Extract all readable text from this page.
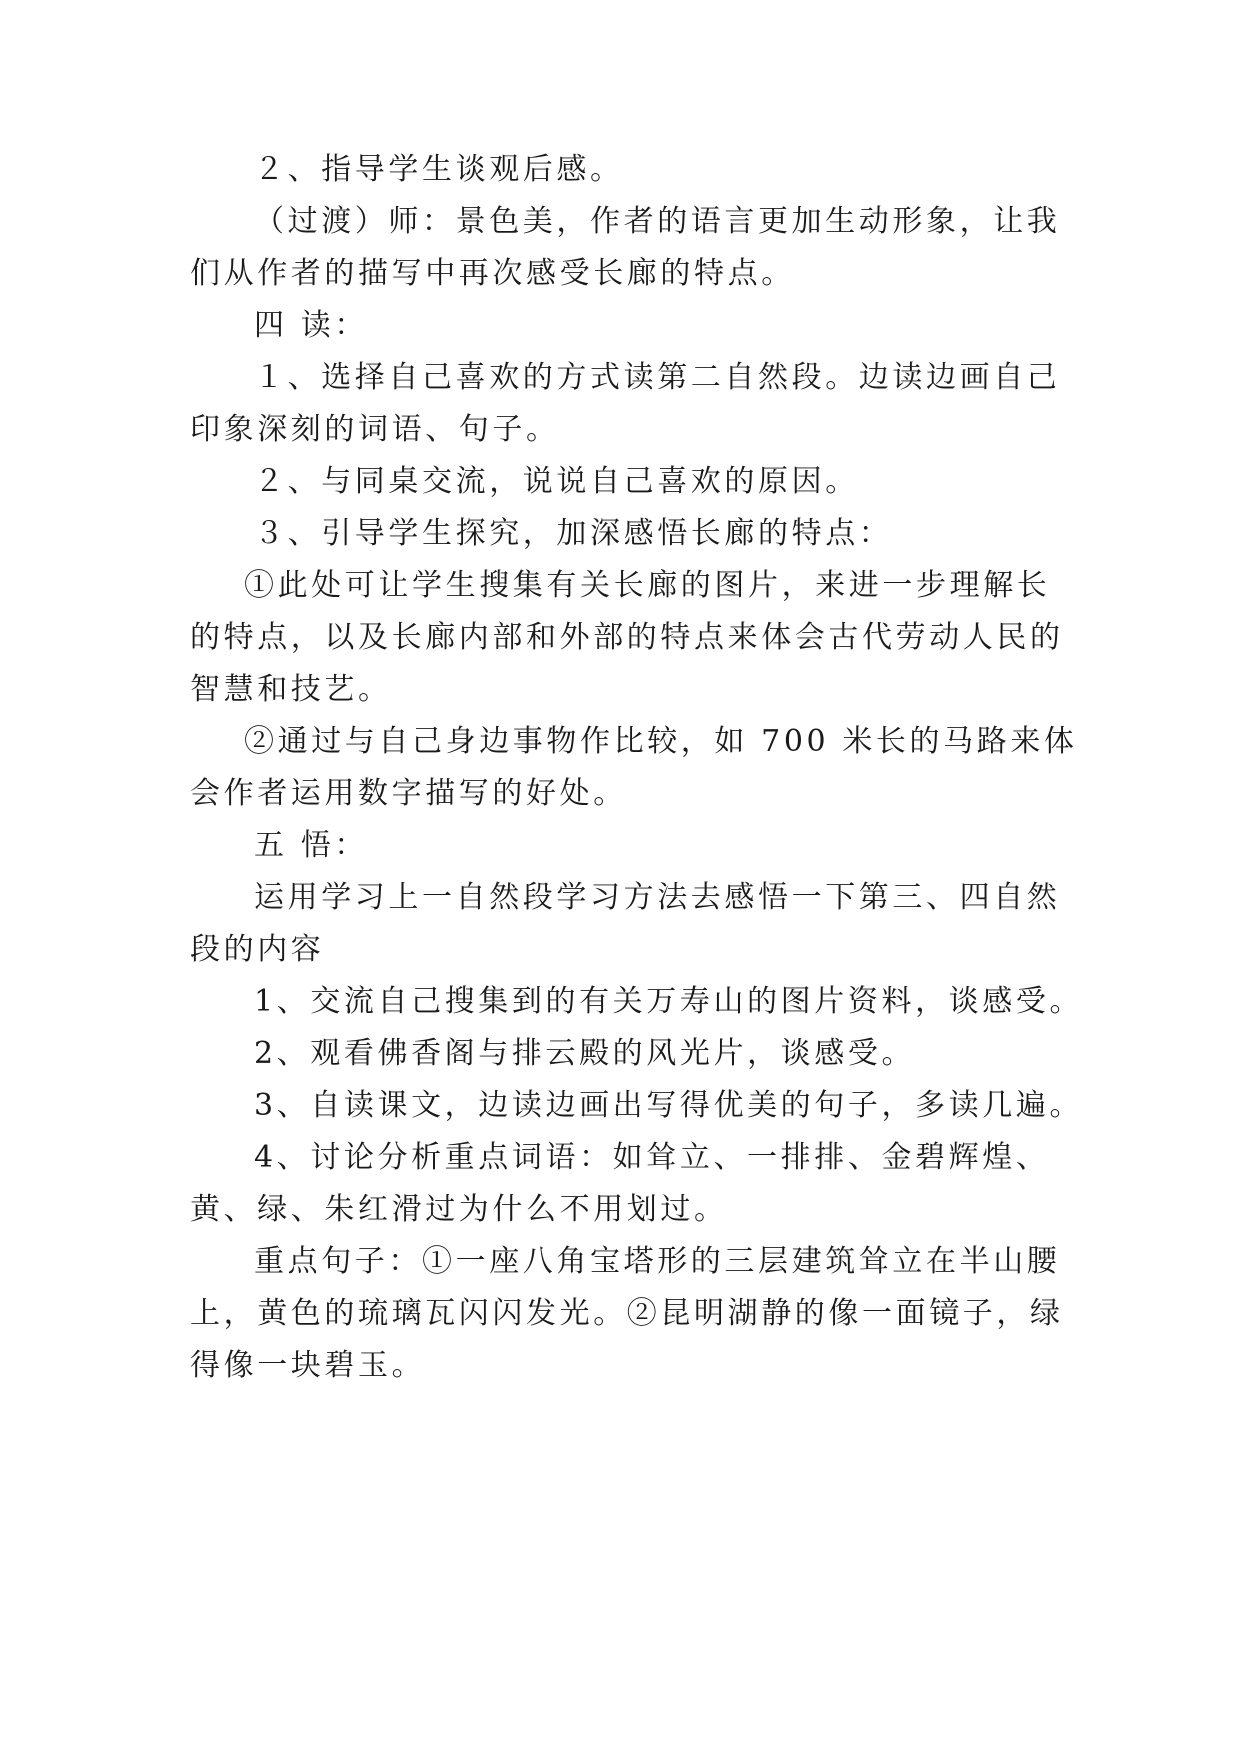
２、指导学生谈观后感。
（过渡）师：景色美，作者的语言更加生动形象，让我
们从作者的描写中再次感受长廊的特点。
四 读：
１、选择自己喜欢的方式读第二自然段。边读边画自己
印象深刻的词语、句子。
２、与同桌交流，说说自己喜欢的原因。
３、引导学生探究，加深感悟长廊的特点：
①此处可让学生搜集有关长廊的图片，来进一步理解长
的特点，以及长廊内部和外部的特点来体会古代劳动人民的
智慧和技艺。
②通过与自己身边事物作比较，如 700 米长的马路来体
会作者运用数字描写的好处。
五 悟：
运用学习上一自然段学习方法去感悟一下第三、四自然
段的内容
1、交流自己搜集到的有关万寿山的图片资料，谈感受。
2、观看佛香阁与排云殿的风光片，谈感受。
3、自读课文，边读边画出写得优美的句子，多读几遍。
4、讨论分析重点词语：如耸立、一排排、金碧辉煌、
黄、绿、朱红滑过为什么不用划过。
重点句子：①一座八角宝塔形的三层建筑耸立在半山腰
上，黄色的琉璃瓦闪闪发光。②昆明湖静的像一面镜子，绿
得像一块碧玉。
